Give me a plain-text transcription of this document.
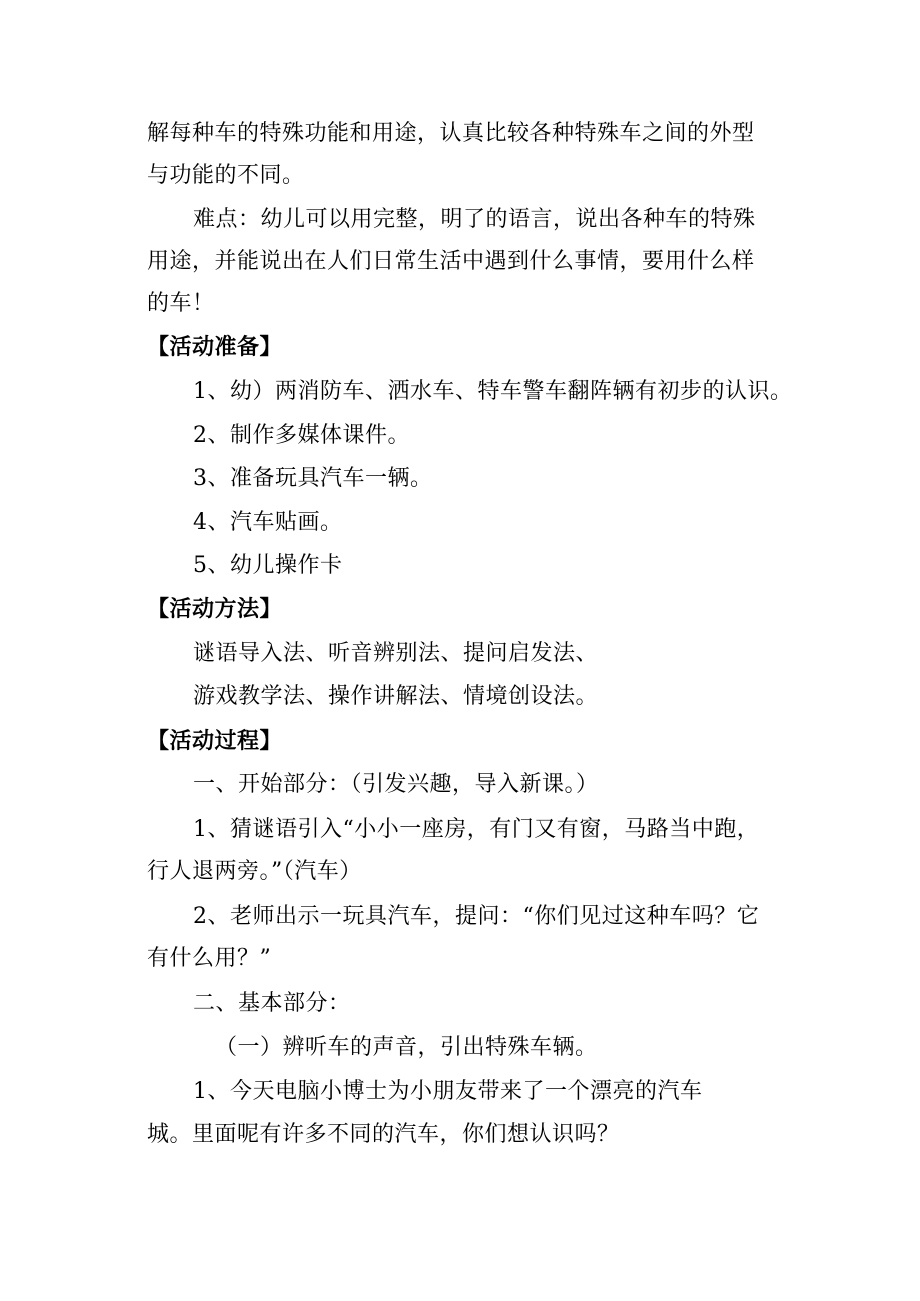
解每种车的特殊功能和用途，认真比较各种特殊车之间的外型
与功能的不同。
难点：幼儿可以用完整，明了的语言，说出各种车的特殊
用途，并能说出在人们日常生活中遇到什么事情，要用什么样
的车！
【活动准备】
1、幼）两消防车、洒水车、特车警车翻阵辆有初步的认识。
2、制作多媒体课件。
3、准备玩具汽车一辆。
4、汽车贴画。
5、幼儿操作卡
【活动方法】
谜语导入法、听音辨别法、提问启发法、
游戏教学法、操作讲解法、情境创设法。
【活动过程】
一、开始部分：（引发兴趣，导入新课。）
1、猜谜语引入“小小一座房，有门又有窗，马路当中跑，
行人退两旁。”（汽车）
2、老师出示一玩具汽车，提问：“你们见过这种车吗？它
有什么用？”
二、基本部分：
（一）辨听车的声音，引出特殊车辆。
1、今天电脑小博士为小朋友带来了一个漂亮的汽车
城。里面呢有许多不同的汽车，你们想认识吗？
